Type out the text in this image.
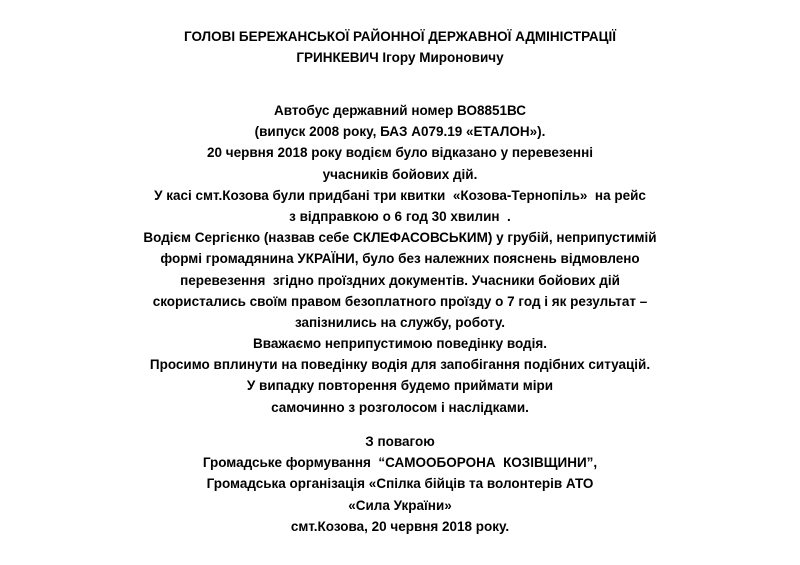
ГОЛОВІ БЕРЕЖАНСЬКОЇ РАЙОННОЇ ДЕРЖАВНОЇ АДМІНІСТРАЦІЇ
ГРИНКЕВИЧ Ігору Мироновичу
Автобус державний номер ВО8851ВС
(випуск 2008 року, БАЗ А079.19 «ЕТАЛОН»).
20 червня 2018 року водієм було відказано у перевезенні
учасників бойових дій.
У касі смт.Козова були придбані три квитки  «Козова-Тернопіль»  на рейс
з відправкою о 6 год 30 хвилин  .
Водієм Сергієнко (назвав себе СКЛЕФАСОВСЬКИМ) у грубій, неприпустимій
формі громадянина УКРАЇНИ, було без належних пояснень відмовлено
перевезення  згідно проїздних документів. Учасники бойових дій
скористались своїм правом безоплатного проїзду о 7 год і як результат –
запізнились на службу, роботу.
Вважаємо неприпустимою поведінку водія.
Просимо вплинути на поведінку водія для запобігання подібних ситуацій.
У випадку повторення будемо приймати міри
самочинно з розголосом і наслідками.
З повагою
Громадське формування  “САМООБОРОНА  КОЗІВЩИНИ”,
Громадська організація «Спілка бійців та волонтерів АТО
«Сила України»
смт.Козова, 20 червня 2018 року.
